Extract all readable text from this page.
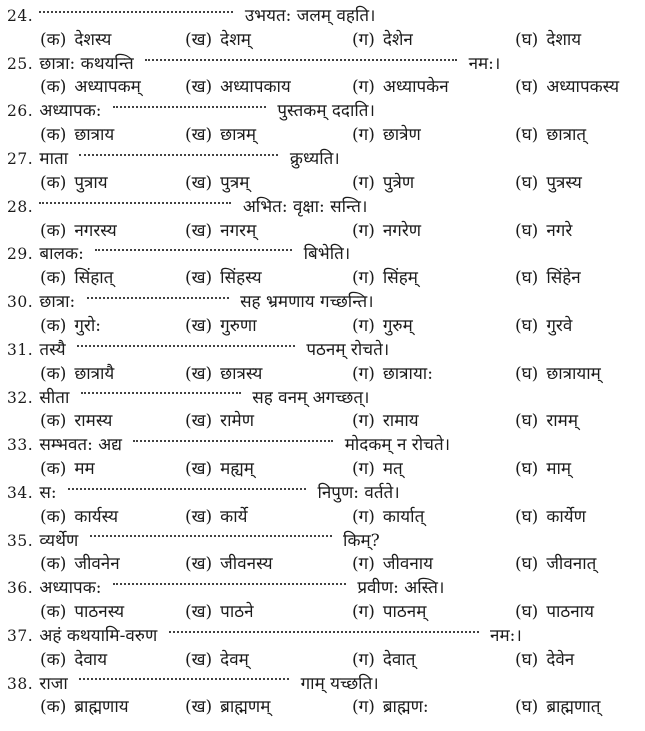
24.	उभयत: जलम् वहति।
(क) देशस्य	(ख) देशम्	(ग) देशेन	(घ) देशाय
25. छात्रा: कथयन्ति	नम:।
(क) अध्यापकम्	(ख) अध्यापकाय	(ग) अध्यापकेन	(घ) अध्यापकस्य
26. अध्यापक:	पुस्तकम् ददाति।
(क) छात्राय	(ख) छात्रम्	(ग) छात्रेण	(घ) छात्रात्
27. माता	क्रुध्यति।
(क) पुत्राय	(ख) पुत्रम्	(ग) पुत्रेण	(घ) पुत्रस्य
28.	अभित: वृक्षा: सन्ति।
(क) नगरस्य	(ख) नगरम्	(ग) नगरेण	(घ) नगरे
29. बालक:	बिभेति।
(क) सिंहात्	(ख) सिंहस्य	(ग) सिंहम्	(घ) सिंहेन
30. छात्रा:	सह भ्रमणाय गच्छन्ति।
(क) गुरो:	(ख) गुरुणा	(ग) गुरुम्	(घ) गुरवे
31. तस्यै	पठनम् रोचते।
(क) छात्रायै	(ख) छात्रस्य	(ग) छात्राया:	(घ) छात्रायाम्
32. सीता	सह वनम् अगच्छत्।
(क) रामस्य	(ख) रामेण	(ग) रामाय	(घ) रामम्
33. सम्भवत: अद्य	मोदकम् न रोचते।
(क) मम	(ख) मह्यम्	(ग) मत्	(घ) माम्
34. स:	निपुण: वर्तते।
(क) कार्यस्य	(ख) कार्ये	(ग) कार्यात्	(घ) कार्येण
35. व्यर्थेण	किम्?
(क) जीवनेन	(ख) जीवनस्य	(ग) जीवनाय	(घ) जीवनात्
36. अध्यापक:	प्रवीण: अस्ति।
(क) पाठनस्य	(ख) पाठने	(ग) पाठनम्	(घ) पाठनाय
37. अहं कथयामि-वरुण	नम:।
(क) देवाय	(ख) देवम्	(ग) देवात्	(घ) देवेन
38. राजा	गाम् यच्छति।
(क) ब्राह्मणाय	(ख) ब्राह्मणम्	(ग) ब्राह्मण:	(घ) ब्राह्मणात्
